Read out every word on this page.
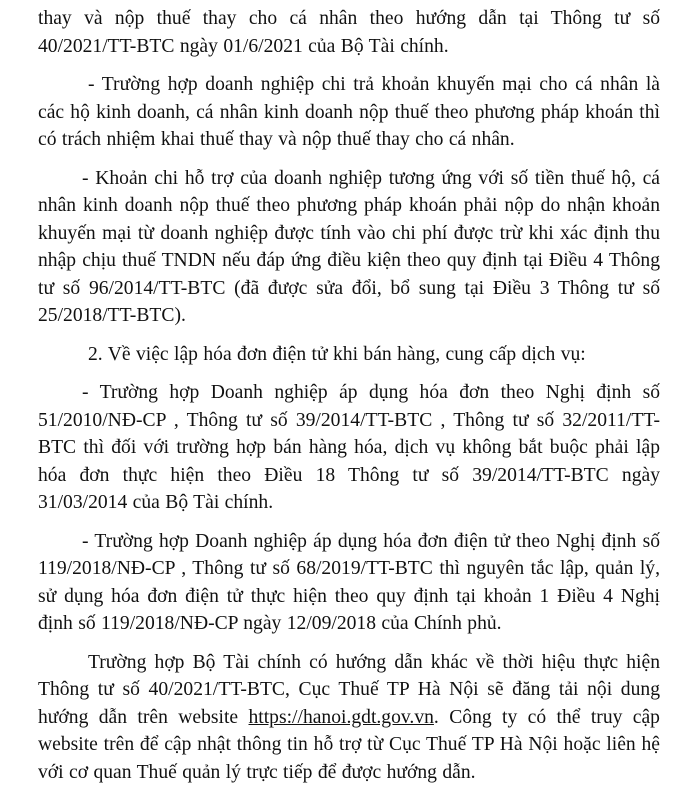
thay và nộp thuế thay cho cá nhân theo hướng dẫn tại Thông tư số 40/2021/TT-BTC ngày 01/6/2021 của Bộ Tài chính.

- Trường hợp doanh nghiệp chi trả khoản khuyến mại cho cá nhân là các hộ kinh doanh, cá nhân kinh doanh nộp thuế theo phương pháp khoán thì có trách nhiệm khai thuế thay và nộp thuế thay cho cá nhân.

- Khoản chi hỗ trợ của doanh nghiệp tương ứng với số tiền thuế hộ, cá nhân kinh doanh nộp thuế theo phương pháp khoán phải nộp do nhận khoản khuyến mại từ doanh nghiệp được tính vào chi phí được trừ khi xác định thu nhập chịu thuế TNDN nếu đáp ứng điều kiện theo quy định tại Điều 4 Thông tư số 96/2014/TT-BTC (đã được sửa đổi, bổ sung tại Điều 3 Thông tư số 25/2018/TT-BTC).

2. Về việc lập hóa đơn điện tử khi bán hàng, cung cấp dịch vụ:

- Trường hợp Doanh nghiệp áp dụng hóa đơn theo Nghị định số 51/2010/NĐ-CP , Thông tư số 39/2014/TT-BTC , Thông tư số 32/2011/TT-BTC thì đối với trường hợp bán hàng hóa, dịch vụ không bắt buộc phải lập hóa đơn thực hiện theo Điều 18 Thông tư số 39/2014/TT-BTC ngày 31/03/2014 của Bộ Tài chính.

- Trường hợp Doanh nghiệp áp dụng hóa đơn điện tử theo Nghị định số 119/2018/NĐ-CP , Thông tư số 68/2019/TT-BTC thì nguyên tắc lập, quản lý, sử dụng hóa đơn điện tử thực hiện theo quy định tại khoản 1 Điều 4 Nghị định số 119/2018/NĐ-CP ngày 12/09/2018 của Chính phủ.

Trường hợp Bộ Tài chính có hướng dẫn khác về thời hiệu thực hiện Thông tư số 40/2021/TT-BTC, Cục Thuế TP Hà Nội sẽ đăng tải nội dung hướng dẫn trên website https://hanoi.gdt.gov.vn. Công ty có thể truy cập website trên để cập nhật thông tin hỗ trợ từ Cục Thuế TP Hà Nội hoặc liên hệ với cơ quan Thuế quản lý trực tiếp để được hướng dẫn.
